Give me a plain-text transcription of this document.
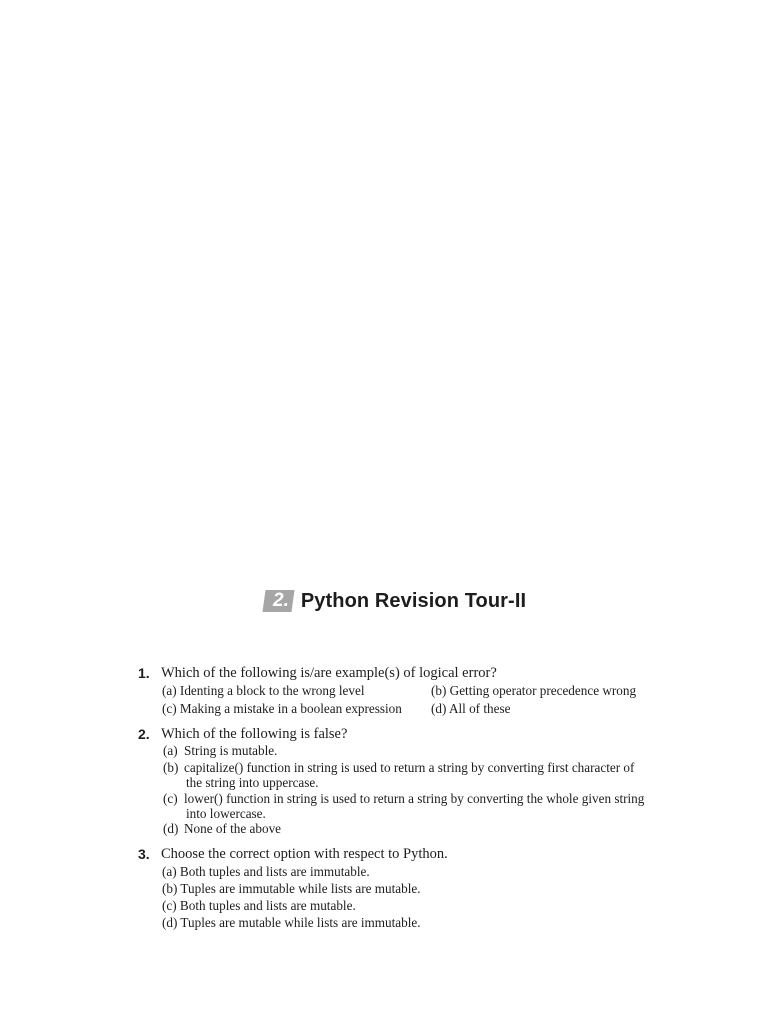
2. Python Revision Tour-II
1. Which of the following is/are example(s) of logical error?
(a) Identing a block to the wrong level	(b) Getting operator precedence wrong
(c) Making a mistake in a boolean expression (d) All of these
2. Which of the following is false?
(a) String is mutable.
(b) capitalize() function in string is used to return a string by converting first character of
the string into uppercase.
(c) lower() function in string is used to return a string by converting the whole given string
into lowercase.
(d) None of the above
3. Choose the correct option with respect to Python.
(a) Both tuples and lists are immutable.
(b) Tuples are immutable while lists are mutable.
(c) Both tuples and lists are mutable.
(d) Tuples are mutable while lists are immutable.
